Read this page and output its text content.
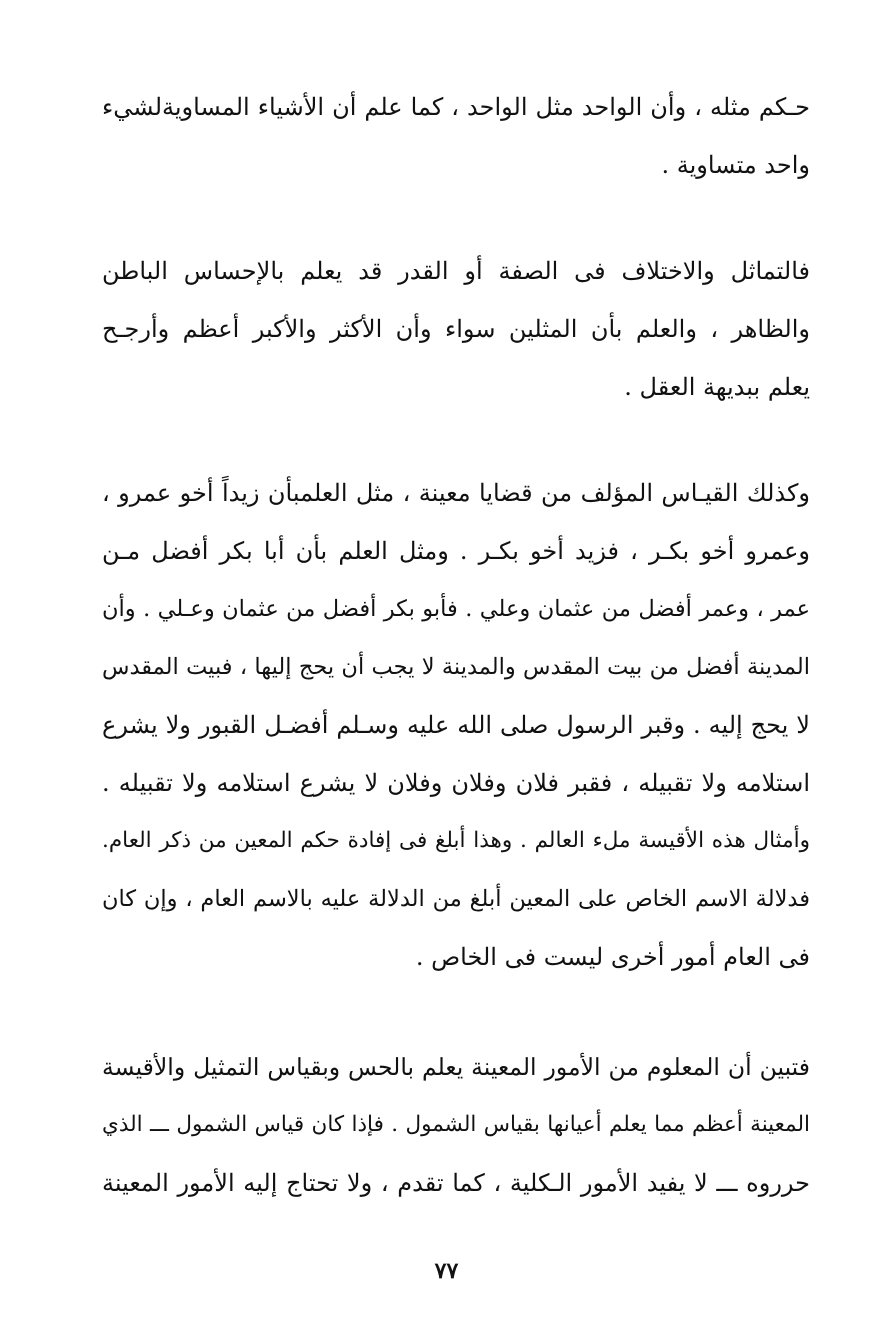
حـكم مثله ، وأن الواحد مثل الواحد ، كما علم أن الأشياء المساويةلشيء
واحد متساوية .
فالتماثل والاختلاف فى الصفة أو القدر قد يعلم بالإحساس الباطن
والظاهر ، والعلم بأن المثلين سواء وأن الأكثر والأكبر أعظم وأرجـح
يعلم ببديهة العقل .
وكذلك القيـاس المؤلف من قضايا معينة ، مثل العلمبأن زيداً أخو عمرو ،
وعمرو أخو بكـر ، فزيد أخو بكـر . ومثل العلم بأن أبا بكر أفضل مـن
عمر ، وعمر أفضل من عثمان وعلي . فأبو بكر أفضل من عثمان وعـلي . وأن
المدينة أفضل من بيت المقدس والمدينة لا يجب أن يحج إليها ، فبيت المقدس
لا يحج إليه . وقبر الرسول صلى الله عليه وسـلم أفضـل القبور ولا يشرع
استلامه ولا تقبيله ، فقبر فلان وفلان وفلان لا يشرع استلامه ولا تقبيله .
وأمثال هذه الأقيسة ملء العالم . وهذا أبلغ فى إفادة حكم المعين من ذكر العام.
فدلالة الاسم الخاص على المعين أبلغ من الدلالة عليه بالاسم العام ، وإن كان
فى العام أمور أخرى ليست فى الخاص .
فتبين أن المعلوم من الأمور المعينة يعلم بالحس وبقياس التمثيل والأقيسة
المعينة أعظم مما يعلم أعيانها بقياس الشمول . فإذا كان قياس الشمول ـــ الذي
حرروه ـــ لا يفيد الأمور الـكلية ، كما تقدم ، ولا تحتاج إليه الأمور المعينة
٧٧
